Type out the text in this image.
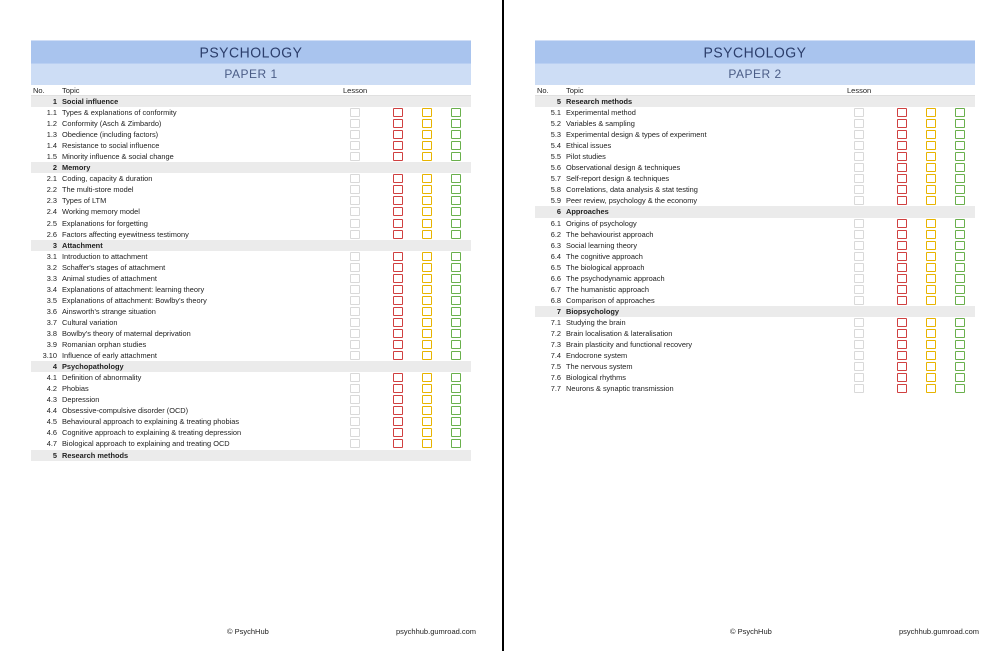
PSYCHOLOGY
PAPER 1
No. Topic	Lesson
1 Social influence
1.1 Types & explanations of conformity
1.2 Conformity (Asch & Zimbardo)
1.3 Obedience (including factors)
1.4 Resistance to social influence
1.5 Minority influence & social change
2 Memory
2.1 Coding, capacity & duration
2.2 The multi-store model
2.3 Types of LTM
2.4 Working memory model
2.5 Explanations for forgetting
2.6 Factors affecting eyewitness testimony
3 Attachment
3.1 Introduction to attachment
3.2 Schaffer's stages of attachment
3.3 Animal studies of attachment
3.4 Explanations of attachment: learning theory
3.5 Explanations of attachment: Bowlby's theory
3.6 Ainsworth's strange situation
3.7 Cultural variation
3.8 Bowlby's theory of maternal deprivation
3.9 Romanian orphan studies
3.10 Influence of early attachment
4 Psychopathology
4.1 Definition of abnormality
4.2 Phobias
4.3 Depression
4.4 Obsessive-compulsive disorder (OCD)
4.5 Behavioural approach to explaining & treating phobias
4.6 Cognitive approach to explaining & treating depression
4.7 Biological approach to explaining and treating OCD
5 Research methods
© PsychHub	psychhub.gumroad.com
PSYCHOLOGY
PAPER 2
No. Topic	Lesson
5 Research methods
5.1 Experimental method
5.2 Variables & sampling
5.3 Experimental design & types of experiment
5.4 Ethical issues
5.5 Pilot studies
5.6 Observational design & techniques
5.7 Self-report design & techniques
5.8 Correlations, data analysis & stat testing
5.9 Peer review, psychology & the economy
6 Approaches
6.1 Origins of psychology
6.2 The behaviourist approach
6.3 Social learning theory
6.4 The cognitive approach
6.5 The biological approach
6.6 The psychodynamic approach
6.7 The humanistic approach
6.8 Comparison of approaches
7 Biopsychology
7.1 Studying the brain
7.2 Brain localisation & lateralisation
7.3 Brain plasticity and functional recovery
7.4 Endocrone system
7.5 The nervous system
7.6 Biological rhythms
7.7 Neurons & synaptic transmission
© PsychHub	psychhub.gumroad.com
